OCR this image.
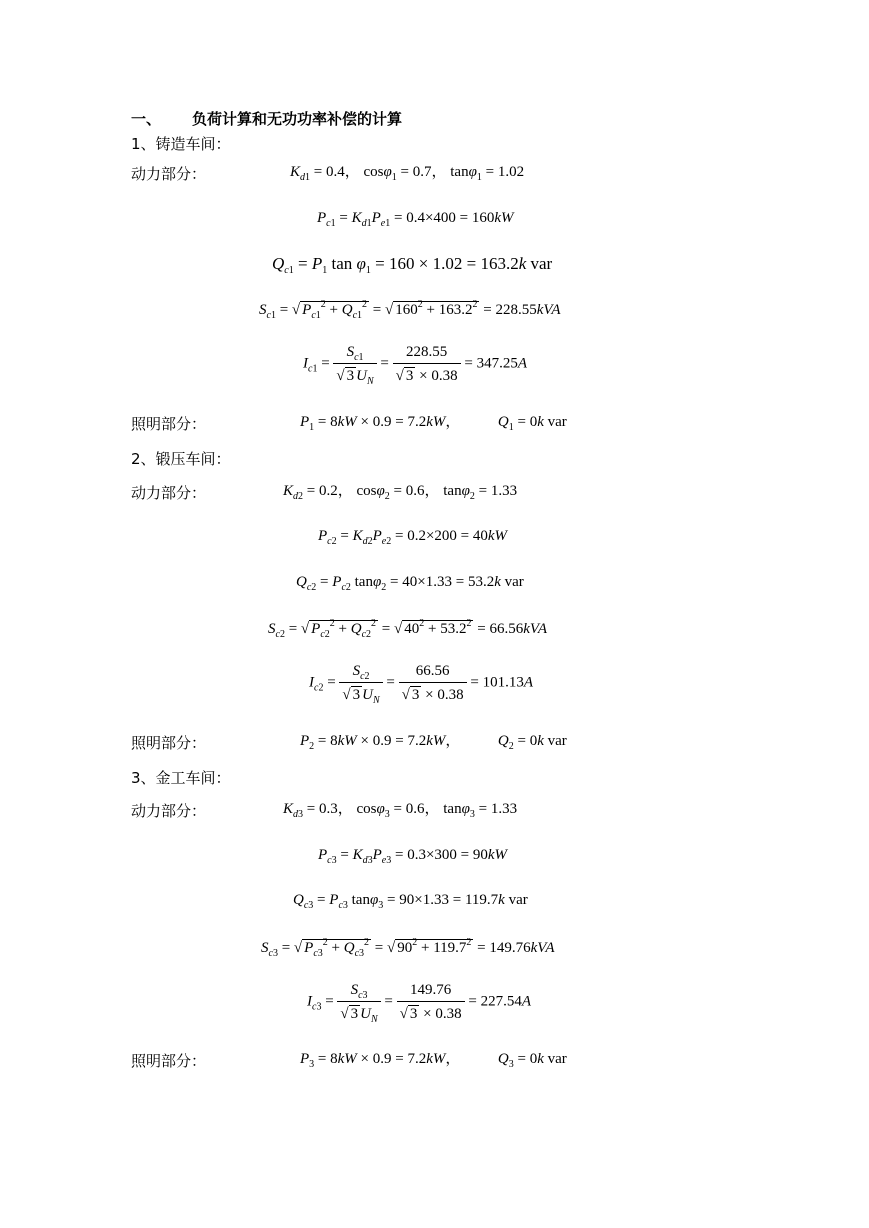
一、 负荷计算和无功功率补偿的计算
1、铸造车间：
动力部分：	$K_{d1} = 0.4$， cosφ$_1$ = 0.7， tanφ$_1$ = 1.02
$P_{c1} = K_{d1}P_{e1} = 0.4\times 400 = 160kW$
$Q_{c1} = P_1$ $\tan \varphi_1 = 160 \times 1.02 = 163.2k$ var
$S_{c1}$ = √ $P_{c1}^2 + Q_{c1}^2$ = √ $160^2 + 163.2^2 = 228.55kVA$
$I_{c1} = \frac{S_{c1}}{√ 3 U_N} = \frac{228.55}{√ 3 \times 0.38} = 347.25A$
照明部分：	$P_1 = 8kW \times 0.9 = 7.2kW$，  $Q_1 = 0k$ var
2、锻压车间：
动力部分：	$K_{d2} = 0.2$， cosφ$_2$ = 0.6， tanφ$_2$ = 1.33
$P_{c2} = K_{d2}P_{e2} = 0.2\times 200 = 40kW$
$Q_{c2} = P_{c2}$ tanφ$_2$ = 40×1.33 = 53.2k var
$S_{c2}$ = √ $P_{c2}^2 + Q_{c2}^2$ = √ $40^2 + 53.2^2 = 66.56kVA$
$I_{c2} = \frac{S_{c2}}{√ 3 U_N} = \frac{66.56}{√ 3 \times 0.38} = 101.13A$
照明部分：	$P_2 = 8kW \times 0.9 = 7.2kW$，  $Q_2 = 0k$ var
3、金工车间：
动力部分：	$K_{d3} = 0.3$， cosφ$_3$ = 0.6， tanφ$_3$ = 1.33
$P_{c3} = K_{d3}P_{e3} = 0.3\times 300 = 90kW$
$Q_{c3} = P_{c3}$ tanφ$_3$ = 90×1.33 = 119.7k var
$S_{c3}$ = √ $P_{c3}^2 + Q_{c3}^2$ = √ $90^2 + 119.7^2 = 149.76kVA$
$I_{c3} = \frac{S_{c3}}{√ 3 U_N} = \frac{149.76}{√ 3 \times 0.38} = 227.54A$
照明部分：	$P_3 = 8kW \times 0.9 = 7.2kW$，  $Q_3 = 0k$ var
